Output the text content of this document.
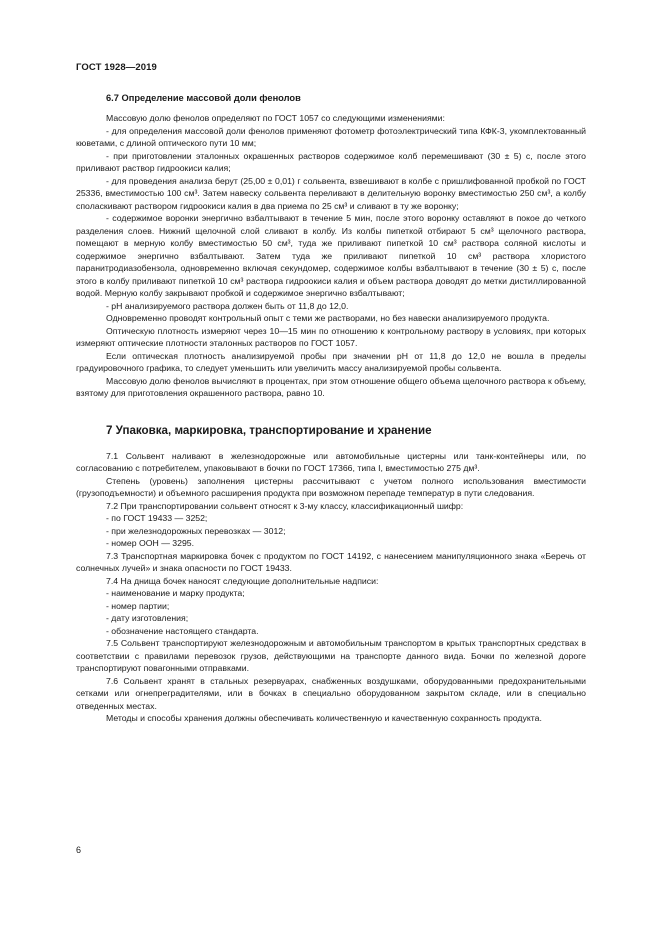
ГОСТ 1928—2019
6.7 Определение массовой доли фенолов

Массовую долю фенолов определяют по ГОСТ 1057 со следующими изменениями:

- для определения массовой доли фенолов применяют фотометр фотоэлектрический типа КФК-3, укомплектованный кюветами, с длиной оптического пути 10 мм;

- при приготовлении эталонных окрашенных растворов содержимое колб перемешивают (30 ± 5) с, после этого приливают раствор гидроокиси калия;

- для проведения анализа берут (25,00 ± 0,01) г сольвента, взвешивают в колбе с пришлифованной пробкой по ГОСТ 25336, вместимостью 100 см³. Затем навеску сольвента переливают в делительную воронку вместимостью 250 см³, а колбу споласкивают раствором гидроокиси калия в два приема по 25 см³ и сливают в ту же воронку;

- содержимое воронки энергично взбалтывают в течение 5 мин, после этого воронку оставляют в покое до четкого разделения слоев. Нижний щелочной слой сливают в колбу. Из колбы пипеткой отбирают 5 см³ щелочного раствора, помещают в мерную колбу вместимостью 50 см³, туда же приливают пипеткой 10 см³ раствора соляной кислоты и содержимое энергично взбалтывают. Затем туда же приливают пипеткой 10 см³ раствора хлористого паранитродиазобензола, одновременно включая секундомер, содержимое колбы взбалтывают в течение (30 ± 5) с, после этого в колбу приливают пипеткой 10 см³ раствора гидроокиси калия и объем раствора доводят до метки дистиллированной водой. Мерную колбу закрывают пробкой и содержимое энергично взбалтывают;

- pH анализируемого раствора должен быть от 11,8 до 12,0.

Одновременно проводят контрольный опыт с теми же растворами, но без навески анализируемого продукта.

Оптическую плотность измеряют через 10—15 мин по отношению к контрольному раствору в условиях, при которых измеряют оптические плотности эталонных растворов по ГОСТ 1057.

Если оптическая плотность анализируемой пробы при значении pH от 11,8 до 12,0 не вошла в пределы градуировочного графика, то следует уменьшить или увеличить массу анализируемой пробы сольвента.

Массовую долю фенолов вычисляют в процентах, при этом отношение общего объема щелочного раствора к объему, взятому для приготовления окрашенного раствора, равно 10.

7 Упаковка, маркировка, транспортирование и хранение

7.1 Сольвент наливают в железнодорожные или автомобильные цистерны или танк-контейнеры или, по согласованию с потребителем, упаковывают в бочки по ГОСТ 17366, типа I, вместимостью 275 дм³.

Степень (уровень) заполнения цистерны рассчитывают с учетом полного использования вместимости (грузоподъемности) и объемного расширения продукта при возможном перепаде температур в пути следования.

7.2 При транспортировании сольвент относят к 3-му классу, классификационный шифр:

- по ГОСТ 19433 — 3252;

- при железнодорожных перевозках — 3012;

- номер ООН — 3295.

7.3 Транспортная маркировка бочек с продуктом по ГОСТ 14192, с нанесением манипуляционного знака «Беречь от солнечных лучей» и знака опасности по ГОСТ 19433.

7.4 На днища бочек наносят следующие дополнительные надписи:

- наименование и марку продукта;

- номер партии;

- дату изготовления;

- обозначение настоящего стандарта.

7.5 Сольвент транспортируют железнодорожным и автомобильным транспортом в крытых транспортных средствах в соответствии с правилами перевозок грузов, действующими на транспорте данного вида. Бочки по железной дороге транспортируют повагонными отправками.

7.6 Сольвент хранят в стальных резервуарах, снабженных воздушками, оборудованными предохранительными сетками или огнепреградителями, или в бочках в специально оборудованном закрытом складе, или в специально отведенных местах.

Методы и способы хранения должны обеспечивать количественную и качественную сохранность продукта.

6
